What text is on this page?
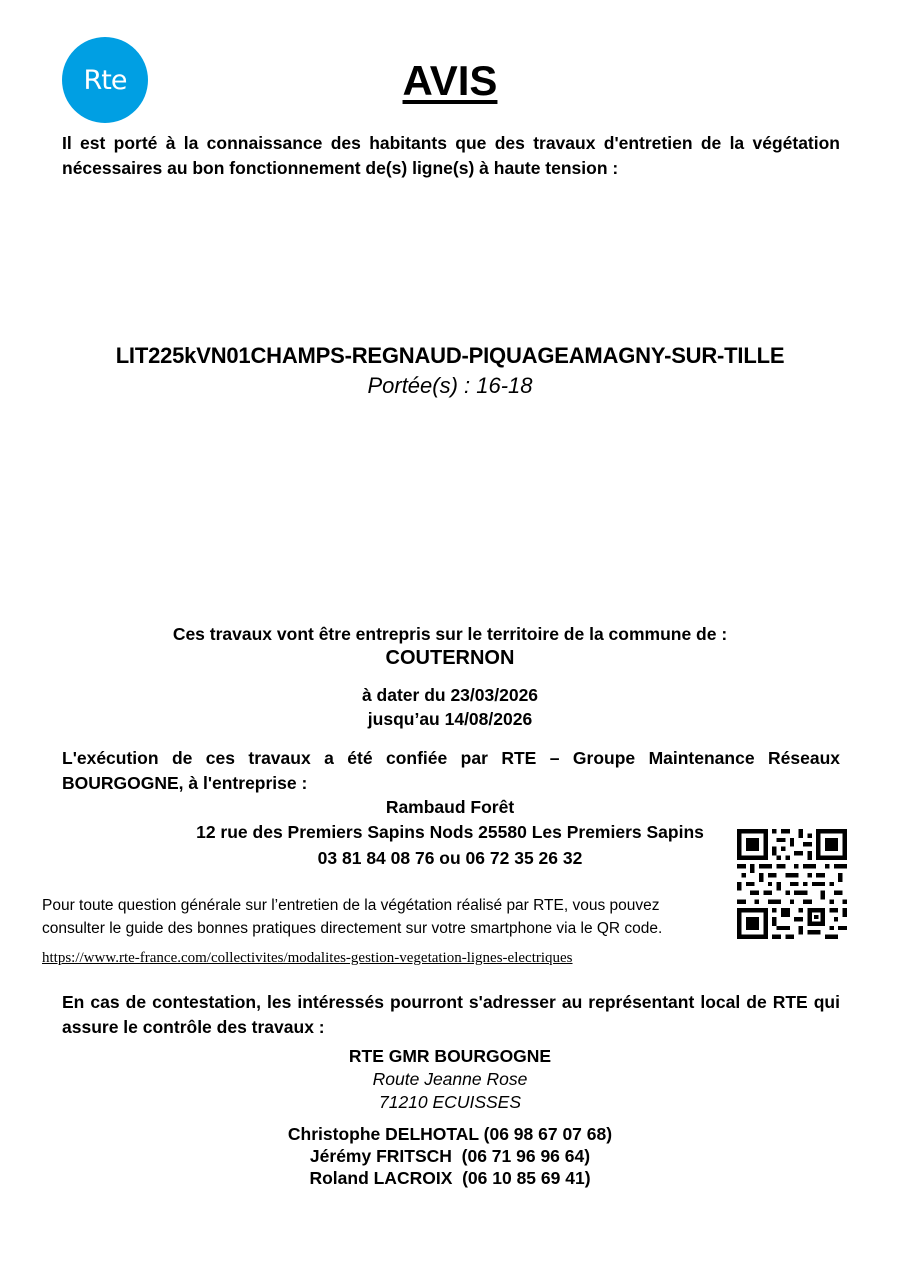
Rte	AVIS
Il est porté à la connaissance des habitants que des travaux d'entretien de la végétation nécessaires au bon fonctionnement de(s) ligne(s) à haute tension :
LIT225kVN01CHAMPS-REGNAUD-PIQUAGEAMAGNY-SUR-TILLE
Portée(s) : 16-18
Ces travaux vont être entrepris sur le territoire de la commune de :
COUTERNON
à dater du 23/03/2026
jusqu’au 14/08/2026
L'exécution de ces travaux a été confiée par RTE – Groupe Maintenance Réseaux BOURGOGNE, à l'entreprise :
Rambaud Forêt
12 rue des Premiers Sapins Nods 25580 Les Premiers Sapins
03 81 84 08 76 ou 06 72 35 26 32
Pour toute question générale sur l’entretien de la végétation réalisé par RTE, vous pouvez
consulter le guide des bonnes pratiques directement sur votre smartphone via le QR code.
https://www.rte-france.com/collectivites/modalites-gestion-vegetation-lignes-electriques
En cas de contestation, les intéressés pourront s'adresser au représentant local de RTE qui assure le contrôle des travaux :
RTE GMR BOURGOGNE
Route Jeanne Rose
71210 ECUISSES
Christophe DELHOTAL (06 98 67 07 68)
Jérémy FRITSCH  (06 71 96 96 64)
Roland LACROIX  (06 10 85 69 41)
